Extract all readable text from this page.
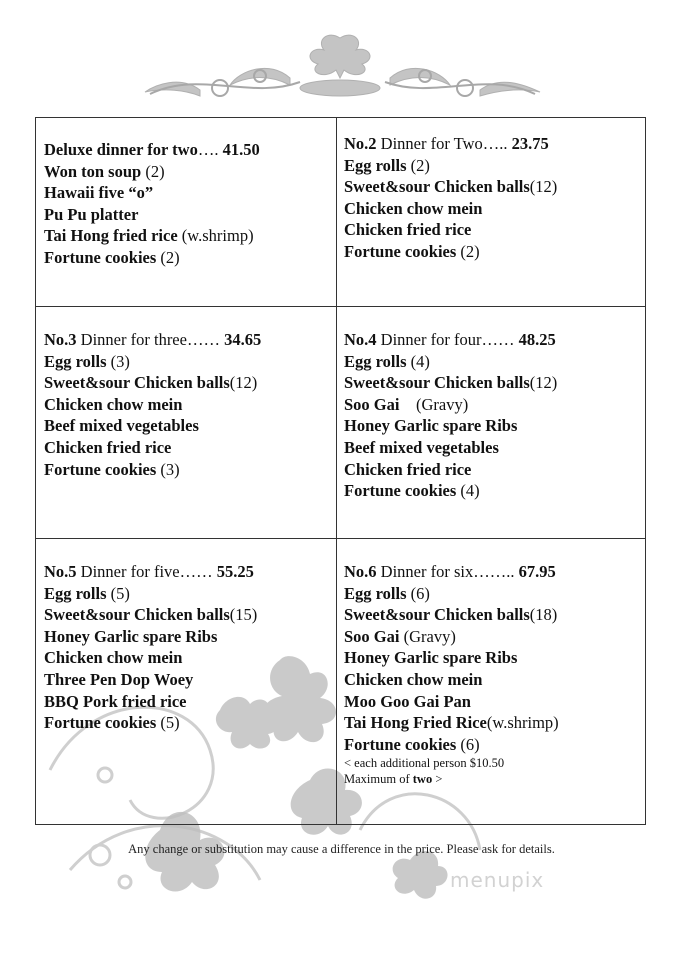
Deluxe dinner for two…. 41.50
Won ton soup (2)
Hawaii five “o”
Pu Pu platter
Tai Hong fried rice (w.shrimp)
Fortune cookies (2)
No.2 Dinner for Two….. 23.75
Egg rolls (2)
Sweet&sour Chicken balls(12)
Chicken chow mein
Chicken fried rice
Fortune cookies (2)
No.3 Dinner for three…… 34.65
Egg rolls (3)
Sweet&sour Chicken balls(12)
Chicken chow mein
Beef mixed vegetables
Chicken fried rice
Fortune cookies (3)
No.4 Dinner for four…… 48.25
Egg rolls (4)
Sweet&sour Chicken balls(12)
Soo Gai    (Gravy)
Honey Garlic spare Ribs
Beef mixed vegetables
Chicken fried rice
Fortune cookies (4)
No.5 Dinner for five…… 55.25
Egg rolls (5)
Sweet&sour Chicken balls(15)
Honey Garlic spare Ribs
Chicken chow mein
Three Pen Dop Woey
BBQ Pork fried rice
Fortune cookies (5)
No.6 Dinner for six…….. 67.95
Egg rolls (6)
Sweet&sour Chicken balls(18)
Soo Gai (Gravy)
Honey Garlic spare Ribs
Chicken chow mein
Moo Goo Gai Pan
Tai Hong Fried Rice(w.shrimp)
Fortune cookies (6)
< each additional person $10.50
Maximum of two >
Any change or substitution may cause a difference in the price. Please ask for details.
menupix
